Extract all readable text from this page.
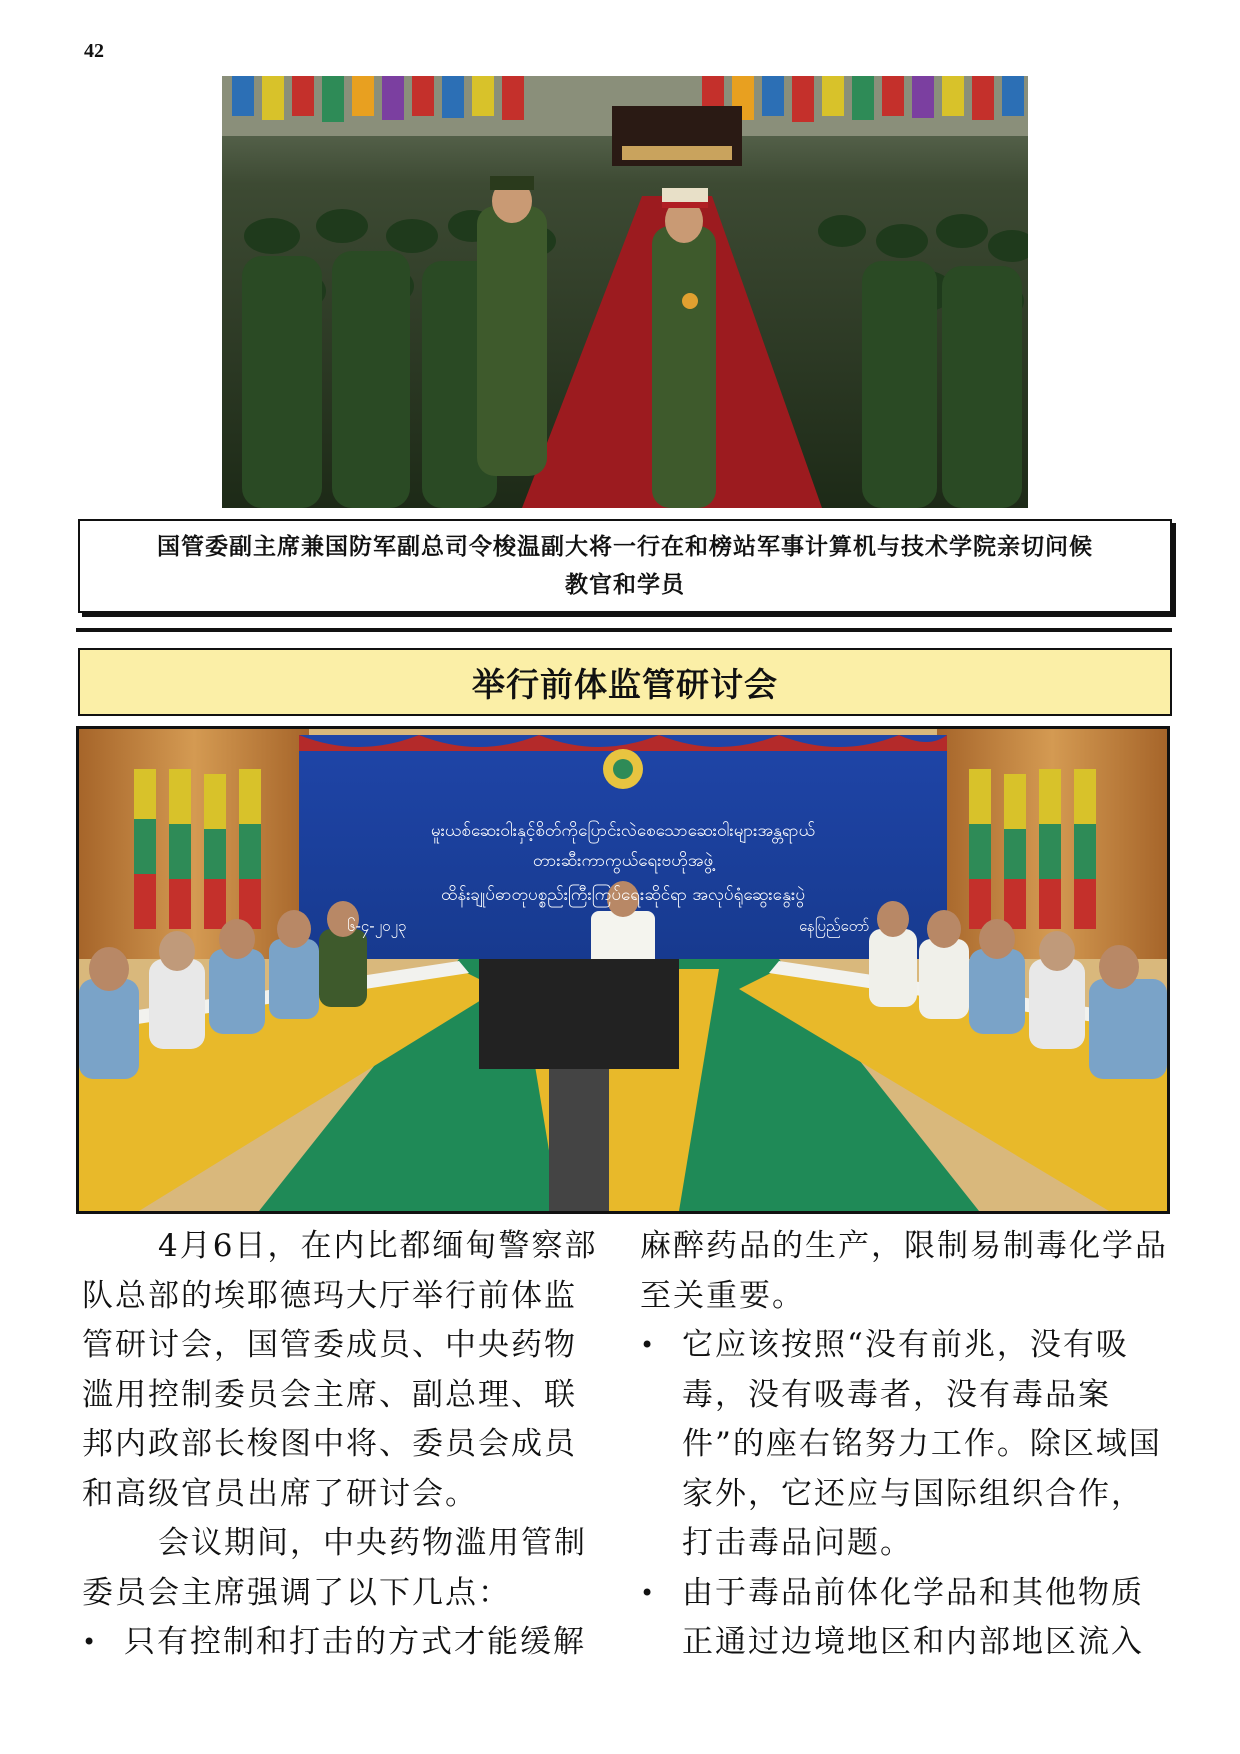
42
国管委副主席兼国防军副总司令梭温副大将一行在和榜站军事计算机与技术学院亲切问候
教官和学员
举行前体监管研讨会
မူးယစ်ဆေးဝါးနှင့်စိတ်ကိုပြောင်းလဲစေသောဆေးဝါးများအန္တရာယ်
တားဆီးကာကွယ်ရေးဗဟိုအဖွဲ့
ထိန်းချုပ်ဓာတုပစ္စည်းကြီးကြပ်ရေးဆိုင်ရာ အလုပ်ရုံဆွေးနွေးပွဲ
၆-၄-၂၀၂၃	နေပြည်တော်

4月6日，在内比都缅甸警察部队总部的埃耶德玛大厅举行前体监管研讨会，国管委成员、中央药物滥用控制委员会主席、副总理、联邦内政部长梭图中将、委员会成员和高级官员出席了研讨会。

会议期间，中央药物滥用管制委员会主席强调了以下几点：

• 只有控制和打击的方式才能缓解

麻醉药品的生产，限制易制毒化学品至关重要。

• 它应该按照“没有前兆，没有吸毒，没有吸毒者，没有毒品案件”的座右铭努力工作。除区域国家外，它还应与国际组织合作，打击毒品问题。

• 由于毒品前体化学品和其他物质正通过边境地区和内部地区流入
